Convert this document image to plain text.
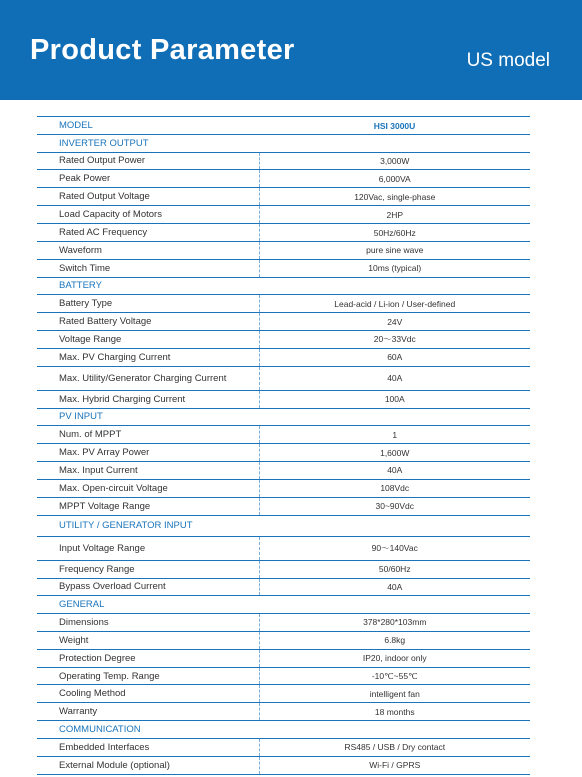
Product Parameter	US model
MODEL	HSI 3000U
INVERTER OUTPUT	
Rated Output Power	3,000W
Peak Power	6,000VA
Rated Output Voltage	120Vac, single-phase
Load Capacity of Motors	2HP
Rated AC Frequency	50Hz/60Hz
Waveform	pure sine wave
Switch Time	10ms (typical)
BATTERY	
Battery Type	Lead-acid / Li-ion / User-defined
Rated Battery Voltage	24V
Voltage Range	20～33Vdc
Max. PV Charging Current	60A
Max. Utility/Generator Charging Current	40A
Max. Hybrid Charging Current	100A
PV INPUT	
Num. of MPPT	1
Max. PV Array Power	1,600W
Max. Input Current	40A
Max. Open-circuit Voltage	108Vdc
MPPT Voltage Range	30~90Vdc
UTILITY / GENERATOR INPUT	
Input Voltage Range	90～140Vac
Frequency Range	50/60Hz
Bypass Overload Current	40A
GENERAL	
Dimensions	378*280*103mm
Weight	6.8kg
Protection Degree	IP20, indoor only
Operating Temp. Range	-10℃~55℃
Cooling Method	intelligent fan
Warranty	18 months
COMMUNICATION	
Embedded Interfaces	RS485 / USB / Dry contact
External Module (optional)	Wi-Fi / GPRS
